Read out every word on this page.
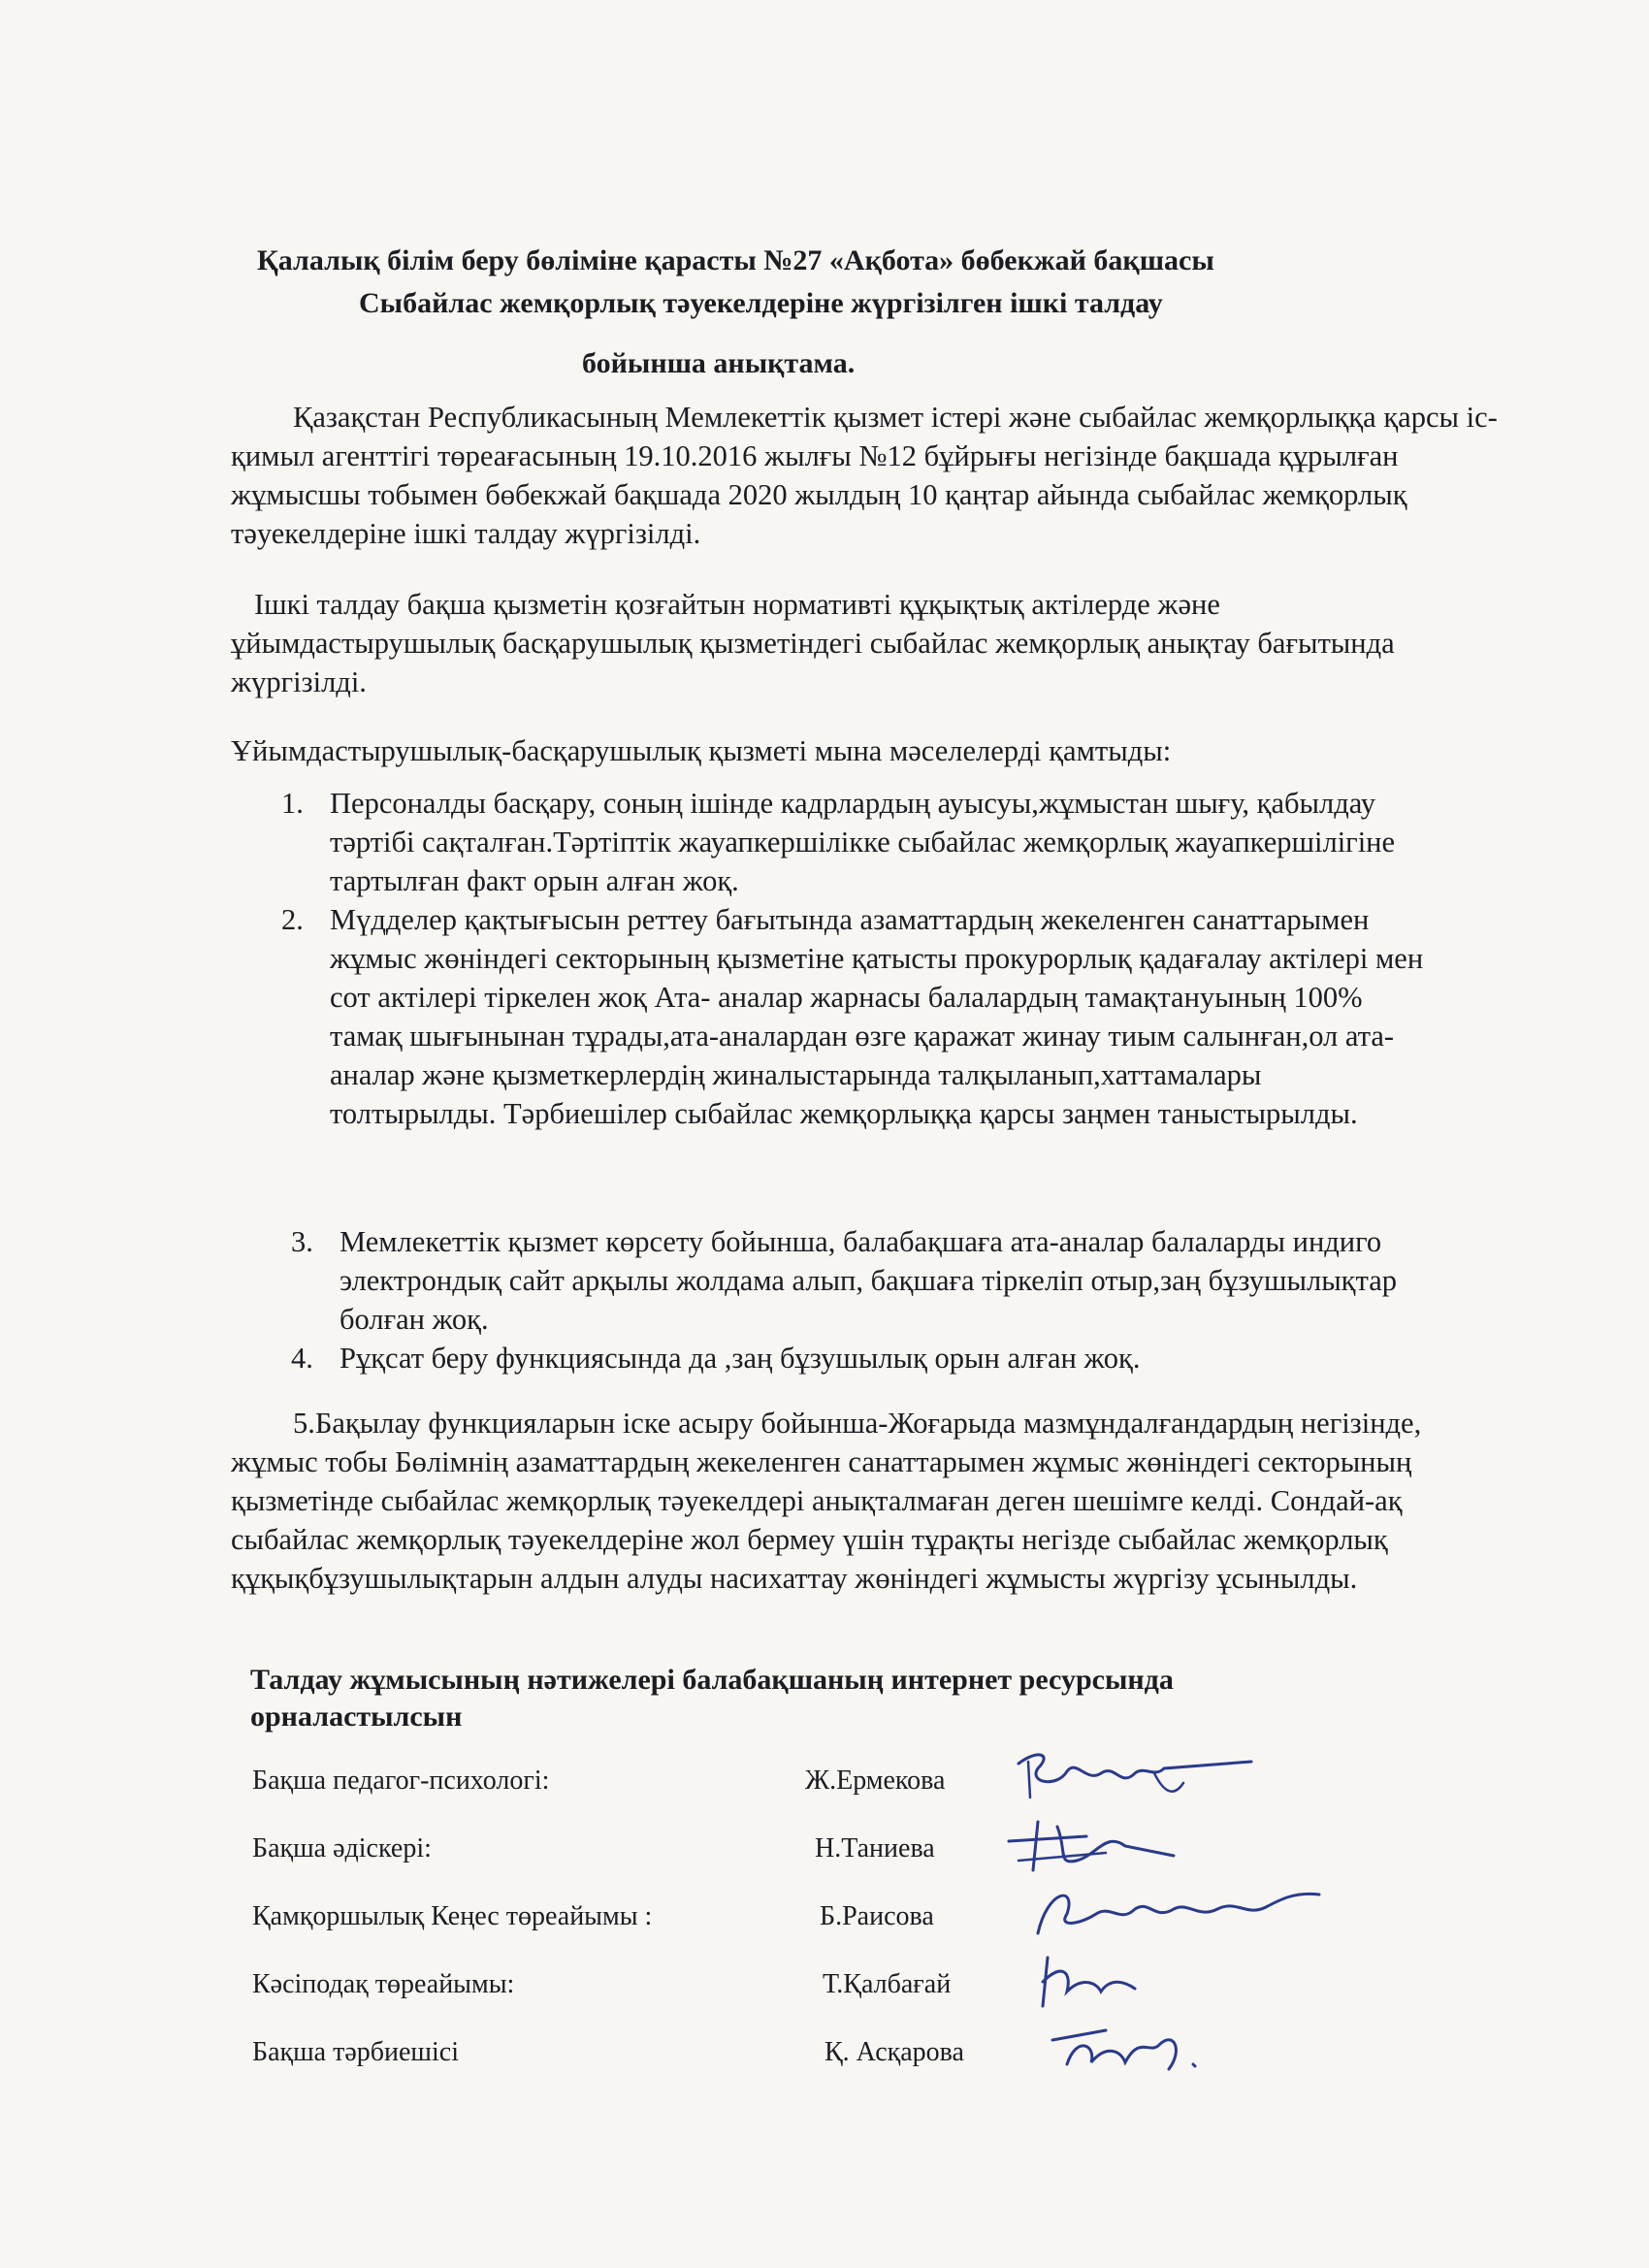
Қалалық білім беру бөліміне қарасты №27 «Ақбота» бөбекжай бақшасы
Сыбайлас жемқорлық тәуекелдеріне жүргізілген ішкі талдау
бойынша анықтама.

Қазақстан Республикасының Мемлекеттік қызмет істері және сыбайлас жемқорлыққа қарсы іс-қимыл агенттігі төреағасының 19.10.2016 жылғы №12 бұйрығы негізінде бақшада құрылған жұмысшы тобымен бөбекжай бақшада 2020 жылдың 10 қаңтар айында сыбайлас жемқорлық тәуекелдеріне ішкі талдау жүргізілді.

Ішкі талдау бақша қызметін қозғайтын нормативті құқықтық актілерде және ұйымдастырушылық басқарушылық қызметіндегі сыбайлас жемқорлық анықтау бағытында жүргізілді.

Ұйымдастырушылық-басқарушылық қызметі мына мәселелерді қамтыды:

1. Персоналды басқару, соның ішінде кадрлардың ауысуы,жұмыстан шығу, қабылдау тәртібі сақталған.Тәртіптік жауапкершілікке сыбайлас жемқорлық жауапкершілігіне тартылған факт орын алған жоқ.
2. Мүдделер қақтығысын реттеу бағытында азаматтардың жекеленген санаттарымен жұмыс жөніндегі секторының қызметіне қатысты прокурорлық қадағалау актілері мен сот актілері тіркелен жоқ Ата- аналар жарнасы балалардың тамақтануының 100% тамақ шығынынан тұрады,ата-аналардан өзге қаражат жинау тиым салынған,ол ата-аналар және қызметкерлердің жиналыстарында талқыланып,хаттамалары толтырылды. Тәрбиешілер сыбайлас жемқорлыққа қарсы заңмен таныстырылды.
3. Мемлекеттік қызмет көрсету бойынша, балабақшаға ата-аналар балаларды индиго электрондық сайт арқылы жолдама алып, бақшаға тіркеліп отыр,заң бұзушылықтар болған жоқ.
4. Рұқсат беру функциясында да ,заң бұзушылық орын алған жоқ.

5.Бақылау функцияларын іске асыру бойынша-Жоғарыда мазмұндалғандардың негізінде, жұмыс тобы Бөлімнің азаматтардың жекеленген санаттарымен жұмыс жөніндегі секторының қызметінде сыбайлас жемқорлық тәуекелдері анықталмаған деген шешімге келді. Сондай-ақ сыбайлас жемқорлық тәуекелдеріне жол бермеу үшін тұрақты негізде сыбайлас жемқорлық құқықбұзушылықтарын алдын алуды насихаттау жөніндегі жұмысты жүргізу ұсынылды.

Талдау жұмысының нәтижелері балабақшаның интернет ресурсында орналастылсын

Бақша педагог-психологі:	Ж.Ермекова
Бақша әдіскері:	Н.Таниева
Қамқоршылық Кеңес төреайымы :	Б.Раисова
Кәсіподақ төреайымы:	Т.Қалбағай
Бақша тәрбиешісі	Қ. Асқарова
